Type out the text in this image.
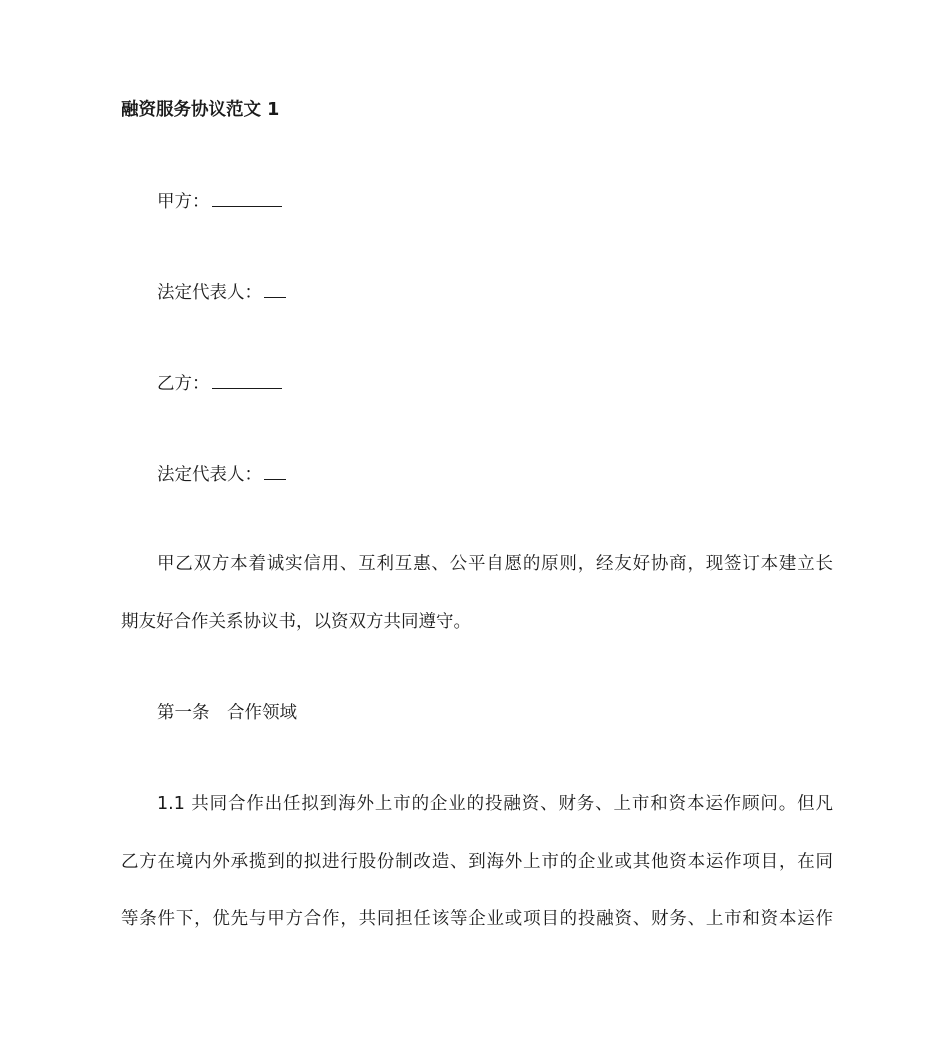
融资服务协议范文 1
甲方：
法定代表人：
乙方：
法定代表人：
甲乙双方本着诚实信用、互利互惠、公平自愿的原则，经友好协商，现签订本建立长
期友好合作关系协议书，以资双方共同遵守。
第一条　合作领域
1.1 共同合作出任拟到海外上市的企业的投融资、财务、上市和资本运作顾问。但凡
乙方在境内外承揽到的拟进行股份制改造、到海外上市的企业或其他资本运作项目，在同
等条件下，优先与甲方合作，共同担任该等企业或项目的投融资、财务、上市和资本运作
